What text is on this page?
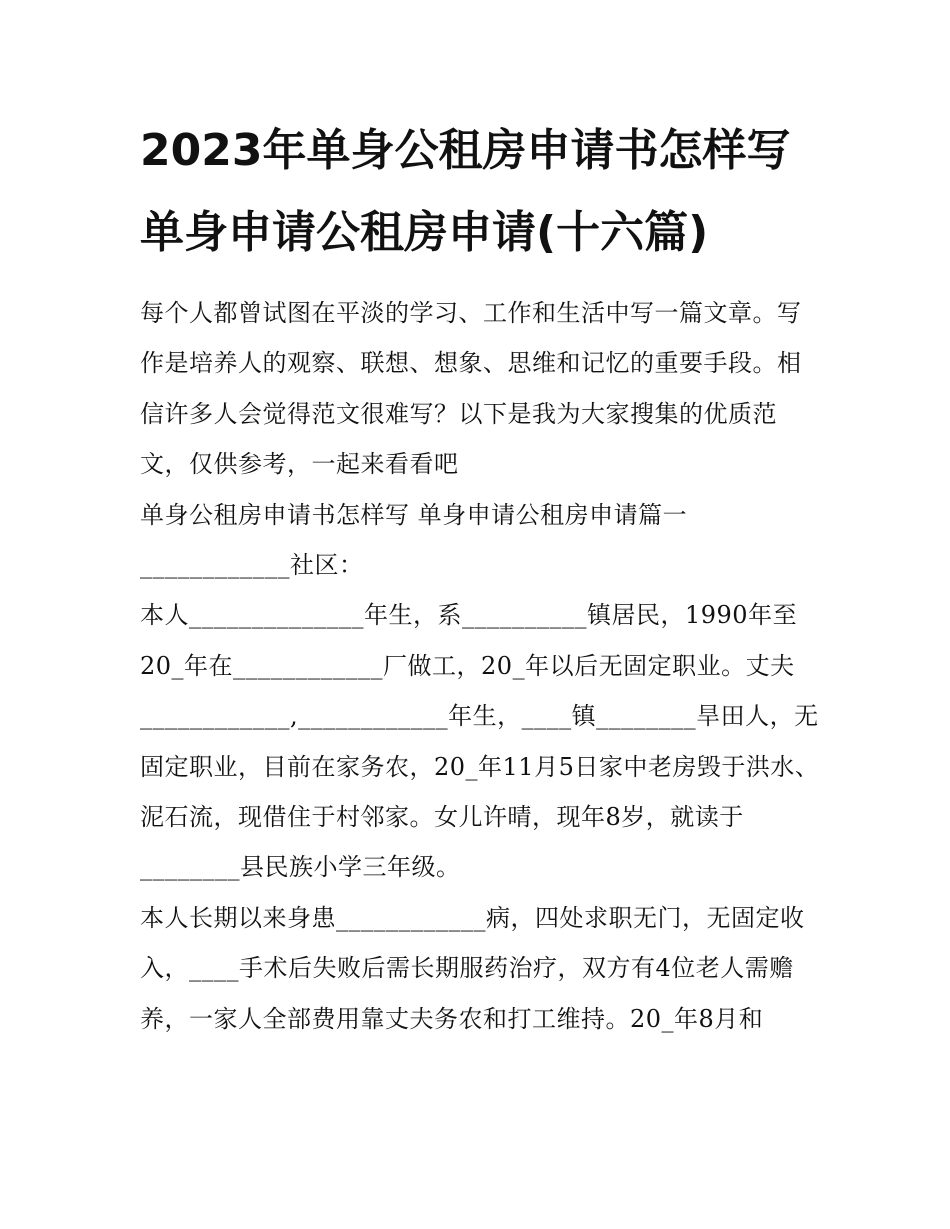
2023年单身公租房申请书怎样写 单身申请公租房申请(十六篇)

每个人都曾试图在平淡的学习、工作和生活中写一篇文章。写作是培养人的观察、联想、想象、思维和记忆的重要手段。相信许多人会觉得范文很难写？以下是我为大家搜集的优质范文，仅供参考，一起来看看吧

单身公租房申请书怎样写 单身申请公租房申请篇一

____________社区：

本人______________年生，系__________镇居民，1990年至20_年在____________厂做工，20_年以后无固定职业。丈夫____________,____________年生，____镇________旱田人，无固定职业，目前在家务农，20_年11月5日家中老房毁于洪水、泥石流，现借住于村邻家。女儿许晴，现年8岁，就读于________县民族小学三年级。

本人长期以来身患____________病，四处求职无门，无固定收入，____手术后失败后需长期服药治疗，双方有4位老人需赡养，一家人全部费用靠丈夫务农和打工维持。20_年8月和
